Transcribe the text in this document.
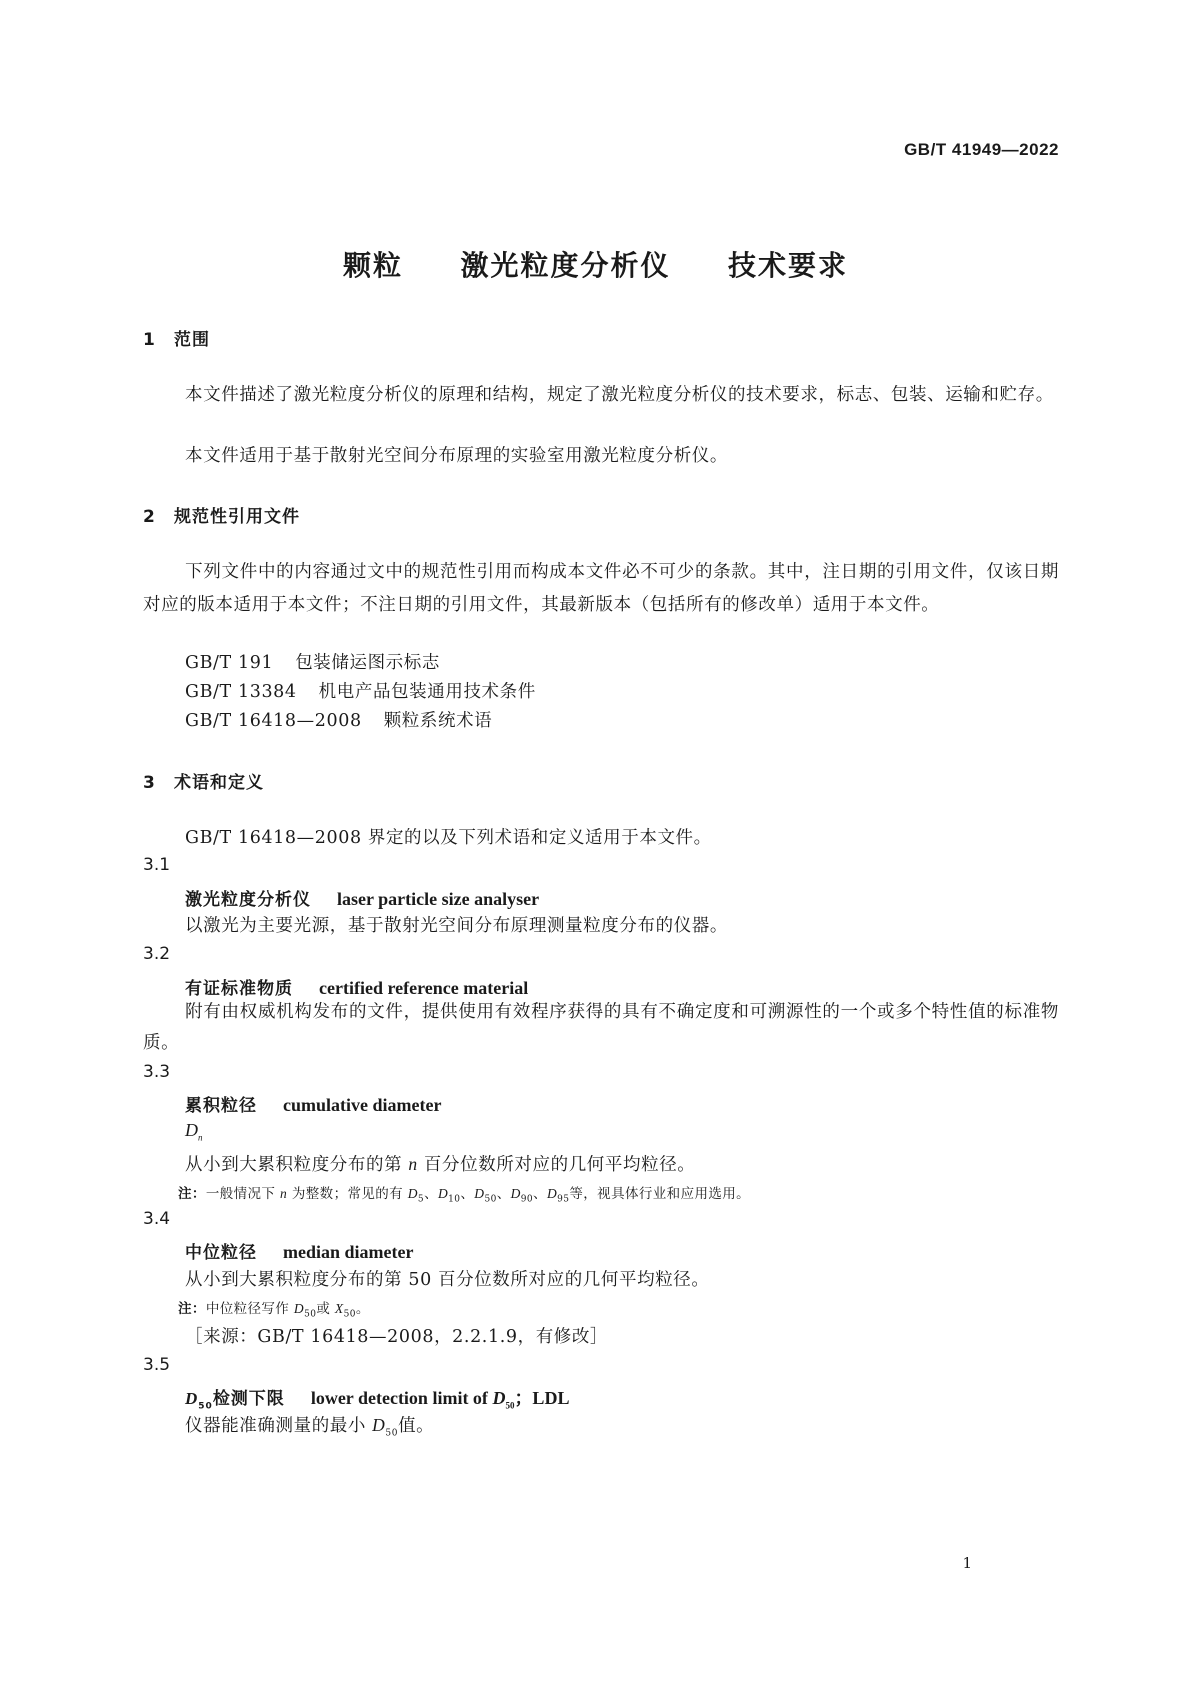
GB/T 41949—2022
颗粒 激光粒度分析仪 技术要求
1 范围
本文件描述了激光粒度分析仪的原理和结构，规定了激光粒度分析仪的技术要求，标志、包装、运输和贮存。
本文件适用于基于散射光空间分布原理的实验室用激光粒度分析仪。
2 规范性引用文件
下列文件中的内容通过文中的规范性引用而构成本文件必不可少的条款。其中，注日期的引用文件，仅该日期对应的版本适用于本文件；不注日期的引用文件，其最新版本（包括所有的修改单）适用于本文件。
GB/T 191 包装储运图示标志
GB/T 13384 机电产品包装通用技术条件
GB/T 16418—2008 颗粒系统术语
3 术语和定义
GB/T 16418—2008 界定的以及下列术语和定义适用于本文件。
3.1
激光粒度分析仪 laser particle size analyser
以激光为主要光源，基于散射光空间分布原理测量粒度分布的仪器。
3.2
有证标准物质 certified reference material
附有由权威机构发布的文件，提供使用有效程序获得的具有不确定度和可溯源性的一个或多个特性值的标准物质。
3.3
累积粒径 cumulative diameter
$D_n$
从小到大累积粒度分布的第 n 百分位数所对应的几何平均粒径。
注：一般情况下 n 为整数；常见的有 $D_5$、$D_{10}$、$D_{50}$、$D_{90}$、$D_{95}$等，视具体行业和应用选用。
3.4
中位粒径 median diameter
从小到大累积粒度分布的第 50 百分位数所对应的几何平均粒径。
注：中位粒径写作 $D_{50}$或 $X_{50}$。
［来源：GB/T 16418—2008，2.2.1.9，有修改］
3.5
$D_{50}$检测下限 lower detection limit of $D_{50}$；LDL
仪器能准确测量的最小 $D_{50}$值。
1
